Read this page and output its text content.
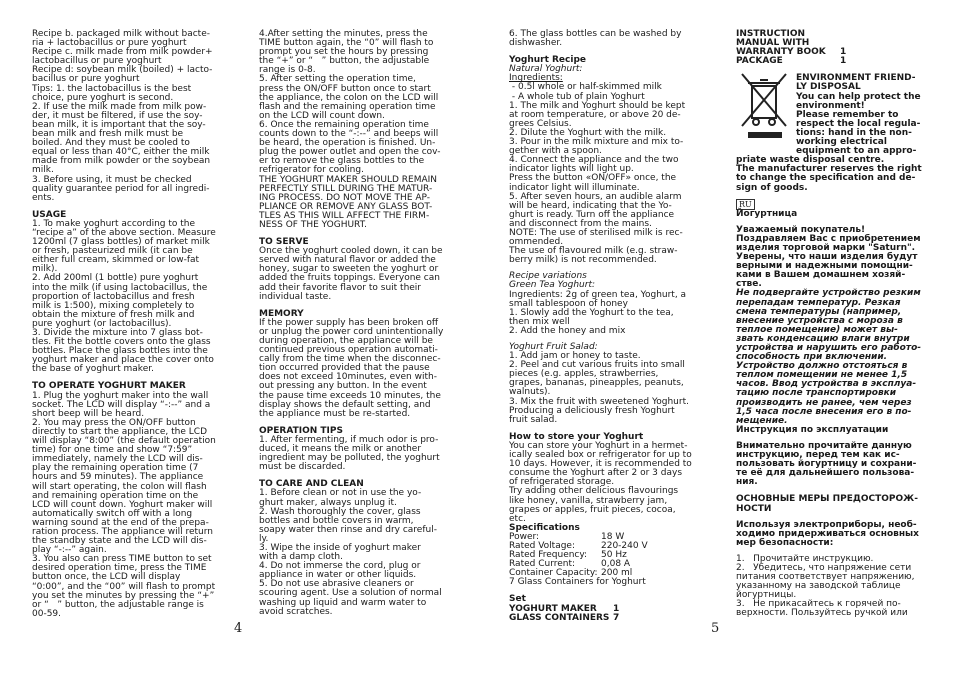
Recipe b. packaged milk without bacte-
ria + lactobacillus or pure yoghurt
Recipe c. milk made from milk powder+
lactobacillus or pure yoghurt
Recipe d: soybean milk (boiled) + lacto-
bacillus or pure yoghurt
Tips: 1. the lactobacillus is the best
choice, pure yoghurt is second.
2. If use the milk made from milk pow-
der, it must be filtered, if use the soy-
bean milk, it is important that the soy-
bean milk and fresh milk must be
boiled. And they must be cooled to
equal or less than 40°C, either the milk
made from milk powder or the soybean
milk.
3. Before using, it must be checked
quality guarantee period for all ingredi-
ents.

USAGE

1. To make yoghurt according to the
“recipe a” of the above section. Measure
1200ml (7 glass bottles) of market milk
or fresh, pasteurized milk (it can be
either full cream, skimmed or low-fat
milk).
2. Add 200ml (1 bottle) pure yoghurt
into the milk (if using lactobacillus, the
proportion of lactobacillus and fresh
milk is 1:500), mixing completely to
obtain the mixture of fresh milk and
pure yoghurt (or lactobacillus).
3. Divide the mixture into 7 glass bot-
tles. Fit the bottle covers onto the glass
bottles. Place the glass bottles into the
yoghurt maker and place the cover onto
the base of yoghurt maker.

TO OPERATE YOGHURT MAKER

1. Plug the yoghurt maker into the wall
socket. The LCD will display “-:--” and a
short beep will be heard.
2. You may press the ON/OFF button
directly to start the appliance, the LCD
will display “8:00” (the default operation
time) for one time and show “7:59”
immediately, namely the LCD will dis-
play the remaining operation time (7
hours and 59 minutes). The appliance
will start operating, the colon will flash
and remaining operation time on the
LCD will count down. Yoghurt maker will
automatically switch off with a long
warning sound at the end of the prepa-
ration process. The appliance will return
the standby state and the LCD will dis-
play “-:--” again.
3. You also can press TIME button to set
desired operation time, press the TIME
button once, the LCD will display
“0:00”, and the “00” will flash to prompt
you set the minutes by pressing the “+”
or “   ” button, the adjustable range is
00-59.

4.After setting the minutes, press the
TIME button again, the “0” will flash to
prompt you set the hours by pressing
the “+” or “   ” button, the adjustable
range is 0-8.
5. After setting the operation time,
press the ON/OFF button once to start
the appliance, the colon on the LCD will
flash and the remaining operation time
on the LCD will count down.
6. Once the remaining operation time
counts down to the “-:--” and beeps will
be heard, the operation is finished. Un-
plug the power outlet and open the cov-
er to remove the glass bottles to the
refrigerator for cooling.
THE YOGHURT MAKER SHOULD REMAIN
PERFECTLY STILL DURING THE MATUR-
ING PROCESS. DO NOT MOVE THE AP-
PLIANCE OR REMOVE ANY GLASS BOT-
TLES AS THIS WILL AFFECT THE FIRM-
NESS OF THE YOGHURT.

TO SERVE

Once the yoghurt cooled down, it can be
served with natural flavor or added the
honey, sugar to sweeten the yoghurt or
added the fruits toppings. Everyone can
add their favorite flavor to suit their
individual taste.

MEMORY

If the power supply has been broken off
or unplug the power cord unintentionally
during operation, the appliance will be
continued previous operation automati-
cally from the time when the disconnec-
tion occurred provided that the pause
does not exceed 10minutes, even with-
out pressing any button. In the event
the pause time exceeds 10 minutes, the
display shows the default setting, and
the appliance must be re-started.

OPERATION TIPS

1. After fermenting, if much odor is pro-
duced, it means the milk or another
ingredient may be polluted, the yoghurt
must be discarded.

TO CARE AND CLEAN

1. Before clean or not in use the yo-
ghurt maker, always unplug it.
2. Wash thoroughly the cover, glass
bottles and bottle covers in warm,
soapy water then rinse and dry careful-
ly.
3. Wipe the inside of yoghurt maker
with a damp cloth.
4. Do not immerse the cord, plug or
appliance in water or other liquids.
5. Do not use abrasive cleaners or
scouring agent. Use a solution of normal
washing up liquid and warm water to
avoid scratches.

6. The glass bottles can be washed by
dishwasher.

Yoghurt Recipe

Natural Yoghurt:

Ingredients:

- 0.5l whole or half-skimmed milk
- A whole tub of plain Yoghurt
1. The milk and Yoghurt should be kept
at room temperature, or above 20 de-
grees Celsius.
2. Dilute the Yoghurt with the milk.
3. Pour in the milk mixture and mix to-
gether with a spoon.
4. Connect the appliance and the two
indicator lights will light up.
Press the button «ON/OFF» once, the
indicator light will illuminate.
5. After seven hours, an audible alarm
will be heard, indicating that the Yo-
ghurt is ready. Turn off the appliance
and disconnect from the mains.
NOTE: The use of sterilised milk is rec-
ommended.
The use of flavoured milk (e.g. straw-
berry milk) is not recommended.

Recipe variations

Green Tea Yoghurt:

Ingredients: 2g of green tea, Yoghurt, a
small tablespoon of honey
1. Slowly add the Yoghurt to the tea,
then mix well
2. Add the honey and mix

Yoghurt Fruit Salad:

1. Add jam or honey to taste.
2. Peel and cut various fruits into small
pieces (e.g. apples, strawberries,
grapes, bananas, pineapples, peanuts,
walnuts).
3. Mix the fruit with sweetened Yoghurt.
Producing a deliciously fresh Yoghurt
fruit salad.

How to store your Yoghurt

You can store your Yoghurt in a hermet-
ically sealed box or refrigerator for up to
10 days. However, it is recommended to
consume the Yoghurt after 2 or 3 days
of refrigerated storage.
Try adding other delicious flavourings
like honey, vanilla, strawberry jam,
grapes or apples, fruit pieces, cocoa,
etc.

Specifications

Power:	18 W
Rated Voltage:	220-240 V
Rated Frequency:	50 Hz
Rated Current:	0,08 A
Container Capacity: 200 ml

7 Glass Containers for Yoghurt

Set

YOGHURT MAKER 1
GLASS CONTAINERS 7
INSTRUCTION MANUAL WITH
WARRANTY BOOK 1
PACKAGE	1

ENVIRONMENT FRIEND-
LY DISPOSAL
You can help protect the
environment!
Please remember to
respect the local regula-
tions: hand in the non-
working electrical
equipment to an appro-

priate waste disposal centre.
The manufacturer reserves the right
to change the specification and de-
sign of goods.

RU

Йогуртница

Уважаемый покупатель!
Поздравляем Вас с приобретением
изделия торговой марки "Saturn".
Уверены, что наши изделия будут
верными и надежными помощни-
ками в Вашем домашнем хозяй-
стве.

Не подвергайте устройство резким
перепадам температур. Резкая
смена температуры (например,
внесение устройства с мороза в
теплое помещение) может вы-
звать конденсацию влаги внутри
устройства и нарушить его работо-
способность при включении.
Устройство должно отстояться в
теплом помещении не менее 1,5
часов. Ввод устройства в эксплуа-
тацию после транспортировки
производить не ранее, чем через
1,5 часа после внесения его в по-
мещение.

Инструкция по эксплуатации

Внимательно прочитайте данную
инструкцию, перед тем как ис-
пользовать йогуртницу и сохрани-
те её для дальнейшего пользова-
ния.

ОСНОВНЫЕ МЕРЫ ПРЕДОСТОРОЖ-
НОСТИ

Используя электроприборы, необ-
ходимо придерживаться основных
мер безопасности:

1.   Прочитайте инструкцию.
2.   Убедитесь, что напряжение сети
питания соответствует напряжению,
указанному на заводской таблице
йогуртницы.
3.   Не прикасайтесь к горячей по-
верхности. Пользуйтесь ручкой или

4	5
